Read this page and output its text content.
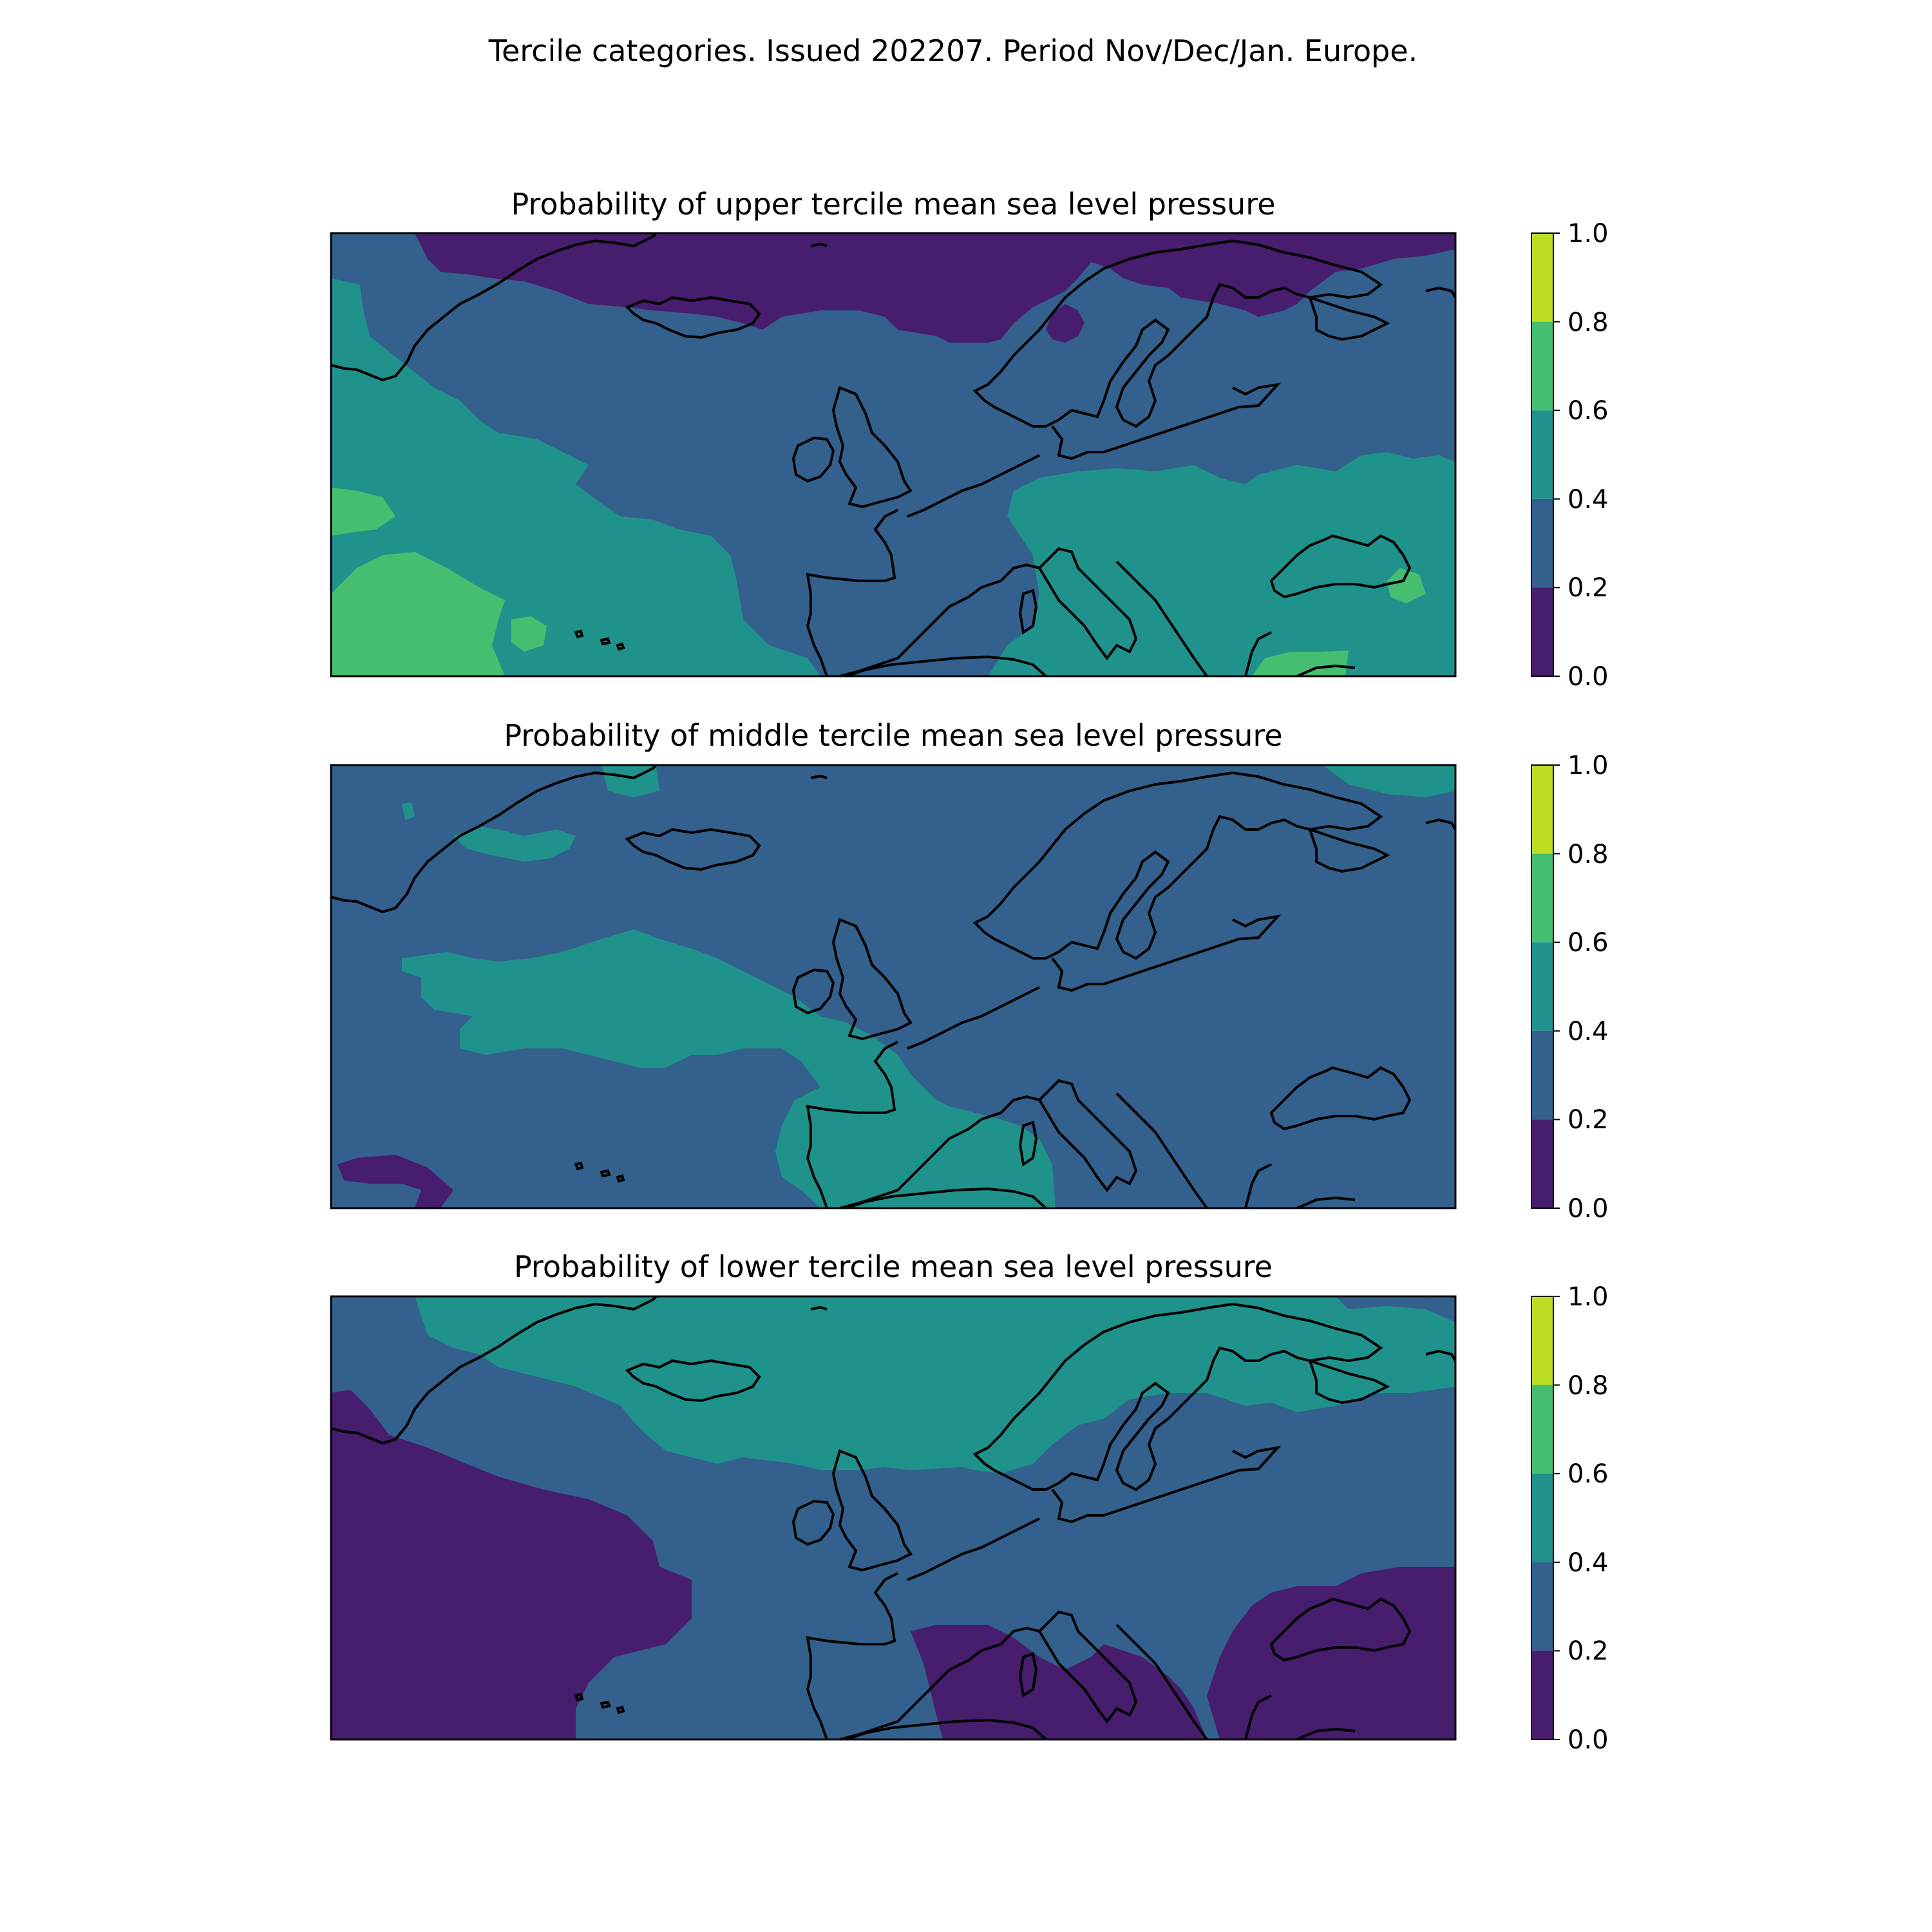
Tercile categories. Issued 202207. Period Nov/Dec/Jan. Europe.
Probability of upper tercile mean sea level pressure
0.0
0.2
0.4
0.6
0.8
1.0
Probability of middle tercile mean sea level pressure
0.0
0.2
0.4
0.6
0.8
1.0
Probability of lower tercile mean sea level pressure
0.0
0.2
0.4
0.6
0.8
1.0
